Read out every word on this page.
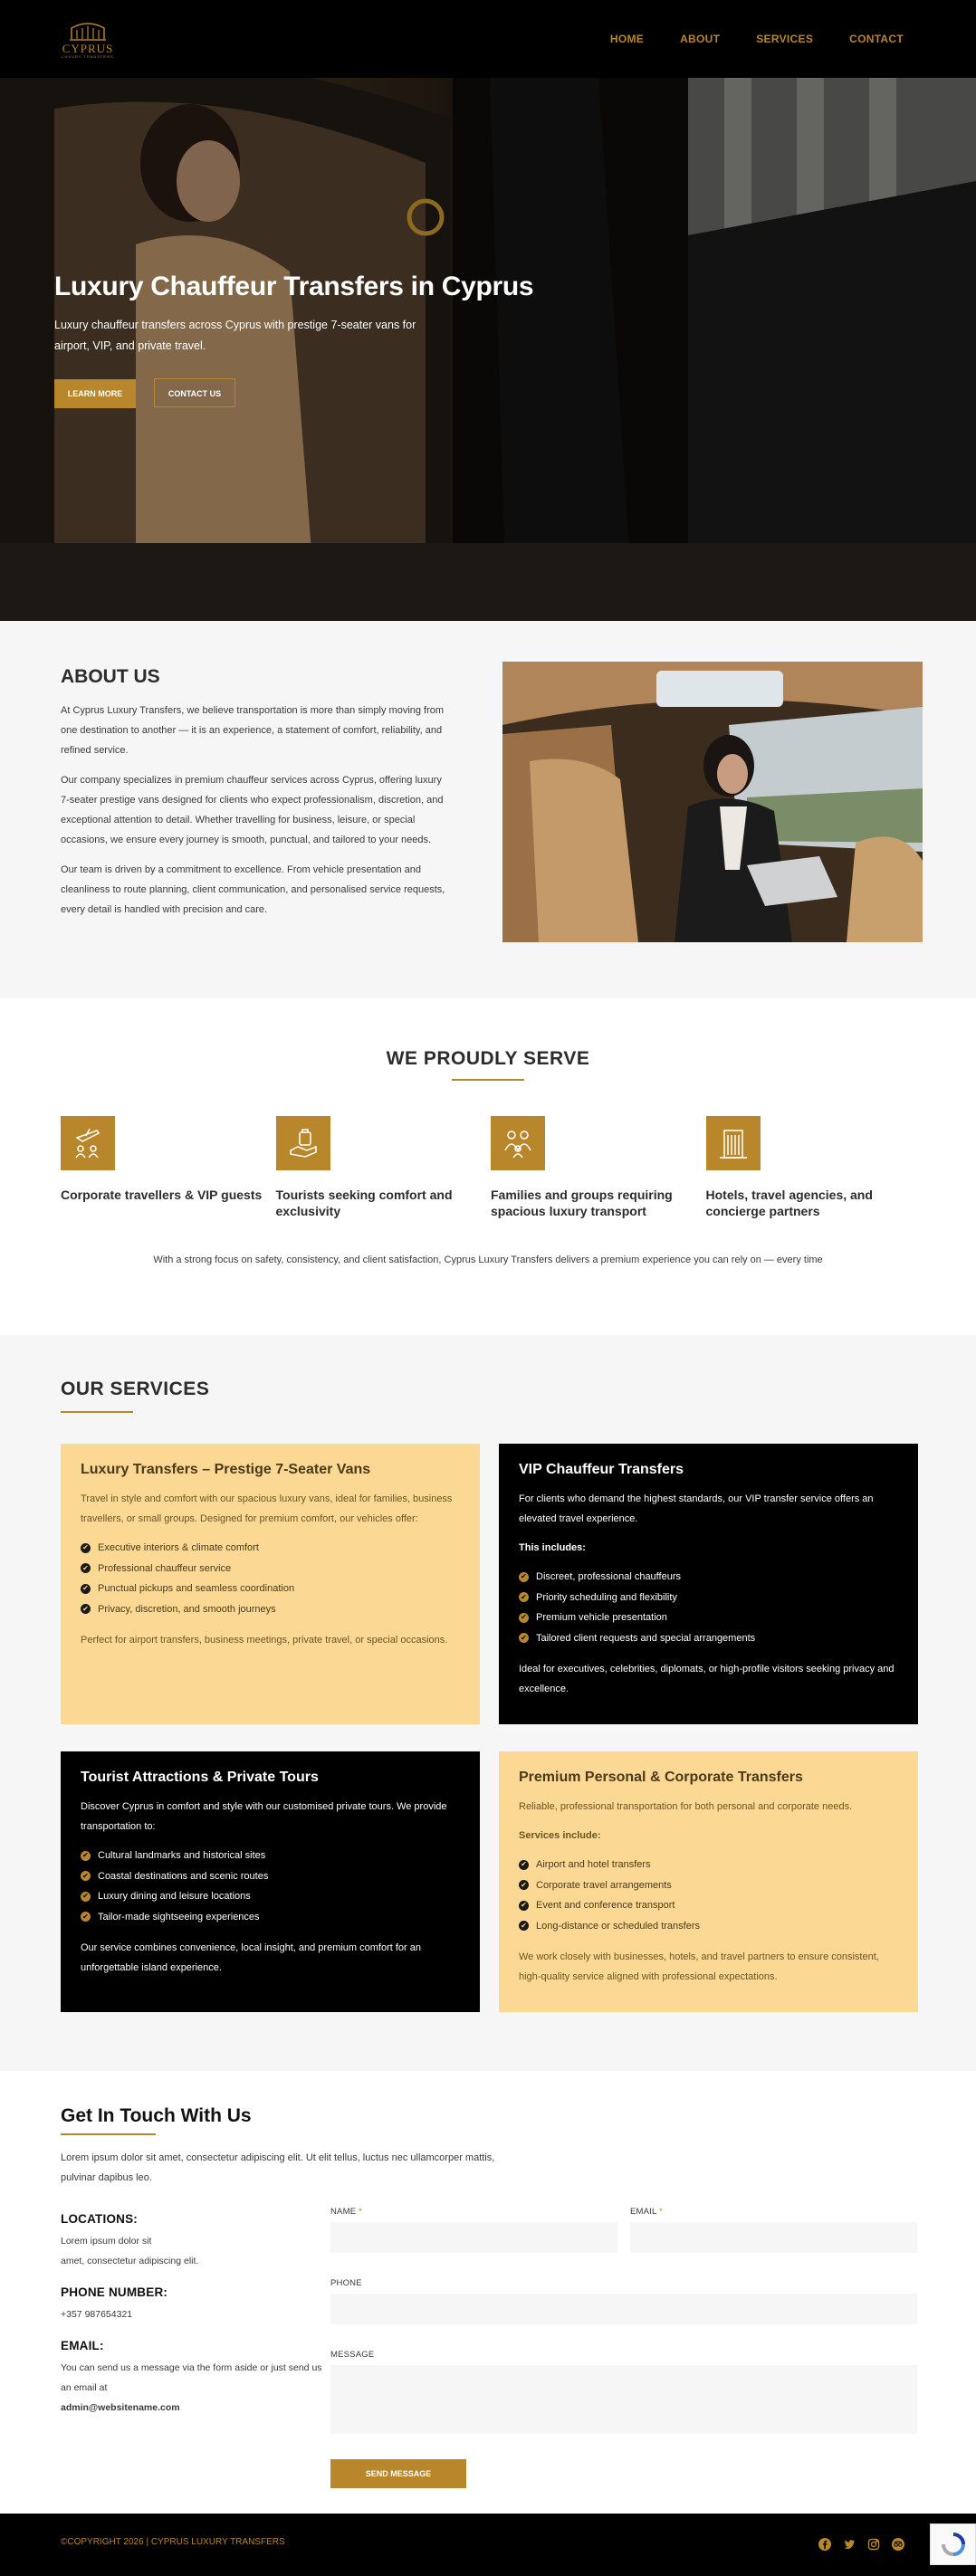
CYPRUS
LUXURY TRANSFERS
HOME	ABOUT	SERVICES	CONTACT
Luxury Chauffeur Transfers in Cyprus

Luxury chauffeur transfers across Cyprus with prestige 7-seater vans for airport, VIP, and private travel.

LEARN MORE	CONTACT US
ABOUT US

At Cyprus Luxury Transfers, we believe transportation is more than simply moving from one destination to another — it is an experience, a statement of comfort, reliability, and refined service.

Our company specializes in premium chauffeur services across Cyprus, offering luxury 7-seater prestige vans designed for clients who expect professionalism, discretion, and exceptional attention to detail. Whether travelling for business, leisure, or special occasions, we ensure every journey is smooth, punctual, and tailored to your needs.

Our team is driven by a commitment to excellence. From vehicle presentation and cleanliness to route planning, client communication, and personalised service requests, every detail is handled with precision and care.

WE PROUDLY SERVE
Corporate travellers & VIP guests Tourists seeking comfort and exclusivity
Families and groups requiring spacious luxury transport
Hotels, travel agencies, and concierge partners

With a strong focus on safety, consistency, and client satisfaction, Cyprus Luxury Transfers delivers a premium experience you can rely on — every time

OUR SERVICES
Luxury Transfers – Prestige 7-Seater Vans

Travel in style and comfort with our spacious luxury vans, ideal for families, business travellers, or small groups. Designed for premium comfort, our vehicles offer:

✔ Executive interiors & climate comfort
✔ Professional chauffeur service
✔ Punctual pickups and seamless coordination
✔ Privacy, discretion, and smooth journeys

Perfect for airport transfers, business meetings, private travel, or special occasions.

VIP Chauffeur Transfers

For clients who demand the highest standards, our VIP transfer service offers an elevated travel experience.

This includes:

✔ Discreet, professional chauffeurs
✔ Priority scheduling and flexibility
✔ Premium vehicle presentation
✔ Tailored client requests and special arrangements

Ideal for executives, celebrities, diplomats, or high-profile visitors seeking privacy and excellence.

Tourist Attractions & Private Tours

Discover Cyprus in comfort and style with our customised private tours. We provide transportation to:

✔ Cultural landmarks and historical sites
✔ Coastal destinations and scenic routes
✔ Luxury dining and leisure locations
✔ Tailor-made sightseeing experiences

Our service combines convenience, local insight, and premium comfort for an unforgettable island experience.

Premium Personal & Corporate Transfers

Reliable, professional transportation for both personal and corporate needs.

Services include:

✔ Airport and hotel transfers
✔ Corporate travel arrangements
✔ Event and conference transport
✔ Long-distance or scheduled transfers

We work closely with businesses, hotels, and travel partners to ensure consistent, high-quality service aligned with professional expectations.

Get In Touch With Us

Lorem ipsum dolor sit amet, consectetur adipiscing elit. Ut elit tellus, luctus nec ullamcorper mattis, pulvinar dapibus leo.

LOCATIONS:

Lorem ipsum dolor sit
amet, consectetur adipiscing elit.

PHONE NUMBER:

+357 987654321

EMAIL:

You can send us a message via the form aside or just send us an email at
admin@websitename.com

NAME *	EMAIL *
PHONE
MESSAGE
SEND MESSAGE
©COPYRIGHT 2026 | CYPRUS LUXURY TRANSFERS
